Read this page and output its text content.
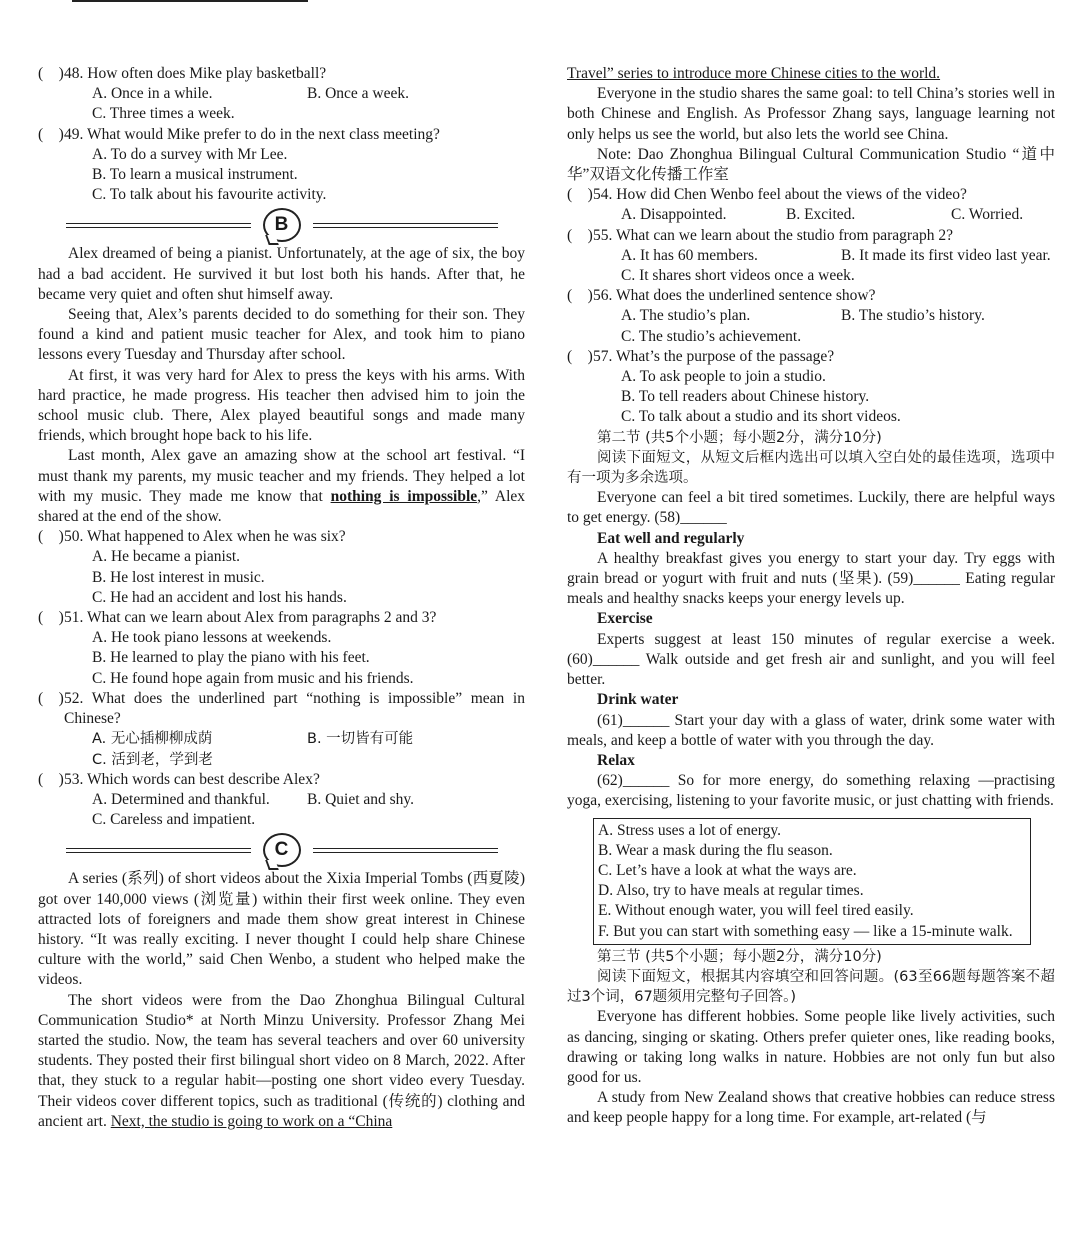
(    ) 48. How often does Mike play basketball?
A. Once in a while.	B. Once a week.
C. Three times a week.
(    ) 49. What would Mike prefer to do in the next class meeting?
A. To do a survey with Mr Lee.
B. To learn a musical instrument.
C. To talk about his favourite activity.
B

Alex dreamed of being a pianist. Unfortunately, at the age of six, the boy had a bad accident. He survived it but lost both his hands. After that, he became very quiet and often shut himself away.

Seeing that, Alex’s parents decided to do something for their son. They found a kind and patient music teacher for Alex, and took him to piano lessons every Tuesday and Thursday after school.

At first, it was very hard for Alex to press the keys with his arms. With hard practice, he made progress. His teacher then advised him to join the school music club. There, Alex played beautiful songs and made many friends, which brought hope back to his life.

Last month, Alex gave an amazing show at the school art festival. “I must thank my parents, my music teacher and my friends. They helped a lot with my music. They made me know that nothing is impossible,” Alex shared at the end of the show.

(    ) 50. What happened to Alex when he was six?
A. He became a pianist.
B. He lost interest in music.
C. He had an accident and lost his hands.
(    ) 51. What can we learn about Alex from paragraphs 2 and 3?
A. He took piano lessons at weekends.
B. He learned to play the piano with his feet.
C. He found hope again from music and his friends.
(    ) 52. What does the underlined part “nothing is impossible” mean in Chinese?
A. 无心插柳柳成荫	B. 一切皆有可能
C. 活到老，学到老
(    ) 53. Which words can best describe Alex?
A. Determined and thankful.	B. Quiet and shy.
C. Careless and impatient.
C

A series (系列) of short videos about the Xixia Imperial Tombs (西夏陵) got over 140,000 views (浏览量) within their first week online. They even attracted lots of foreigners and made them show great interest in Chinese history. “It was really exciting. I never thought I could help share Chinese culture with the world,” said Chen Wenbo, a student who helped make the videos.

The short videos were from the Dao Zhonghua Bilingual Cultural Communication Studio* at North Minzu University. Professor Zhang Mei started the studio. Now, the team has several teachers and over 60 university students. They posted their first bilingual short video on 8 March, 2022. After that, they stuck to a regular habit—posting one short video every Tuesday. Their videos cover different topics, such as traditional (传统的) clothing and ancient art. Next, the studio is going to work on a “China

Travel” series to introduce more Chinese cities to the world.

Everyone in the studio shares the same goal: to tell China’s stories well in both Chinese and English. As Professor Zhang says, language learning not only helps us see the world, but also lets the world see China.

Note: Dao Zhonghua Bilingual Cultural Communication Studio “道中华”双语文化传播工作室

(    ) 54. How did Chen Wenbo feel about the views of the video?
A. Disappointed.	B. Excited.	C. Worried.
(    ) 55. What can we learn about the studio from paragraph 2?
A. It has 60 members.	B. It made its first video last year.
C. It shares short videos once a week.
(    ) 56. What does the underlined sentence show?
A. The studio’s plan.	B. The studio’s history.
C. The studio’s achievement.
(    ) 57. What’s the purpose of the passage?
A. To ask people to join a studio.
B. To tell readers about Chinese history.
C. To talk about a studio and its short videos.

第二节 (共5个小题；每小题2分，满分10分)

阅读下面短文，从短文后框内选出可以填入空白处的最佳选项，选项中有一项为多余选项。

Everyone can feel a bit tired sometimes. Luckily, there are helpful ways to get energy. (58)______

Eat well and regularly

A healthy breakfast gives you energy to start your day. Try eggs with grain bread or yogurt with fruit and nuts (坚果). (59)______ Eating regular meals and healthy snacks keeps your energy levels up.

Exercise

Experts suggest at least 150 minutes of regular exercise a week. (60)______ Walk outside and get fresh air and sunlight, and you will feel better.

Drink water

(61)______ Start your day with a glass of water, drink some water with meals, and keep a bottle of water with you through the day.

Relax

(62)______ So for more energy, do something relaxing —practising yoga, exercising, listening to your favorite music, or just chatting with friends.

A. Stress uses a lot of energy.
B. Wear a mask during the flu season.
C. Let’s have a look at what the ways are.
D. Also, try to have meals at regular times.
E. Without enough water, you will feel tired easily.
F. But you can start with something easy — like a 15-minute walk.

第三节 (共5个小题；每小题2分，满分10分)

阅读下面短文，根据其内容填空和回答问题。(63至66题每题答案不超过3个词，67题须用完整句子回答。)

Everyone has different hobbies. Some people like lively activities, such as dancing, singing or skating. Others prefer quieter ones, like reading books, drawing or taking long walks in nature. Hobbies are not only fun but also good for us.

A study from New Zealand shows that creative hobbies can reduce stress and keep people happy for a long time. For example, art-related (与
